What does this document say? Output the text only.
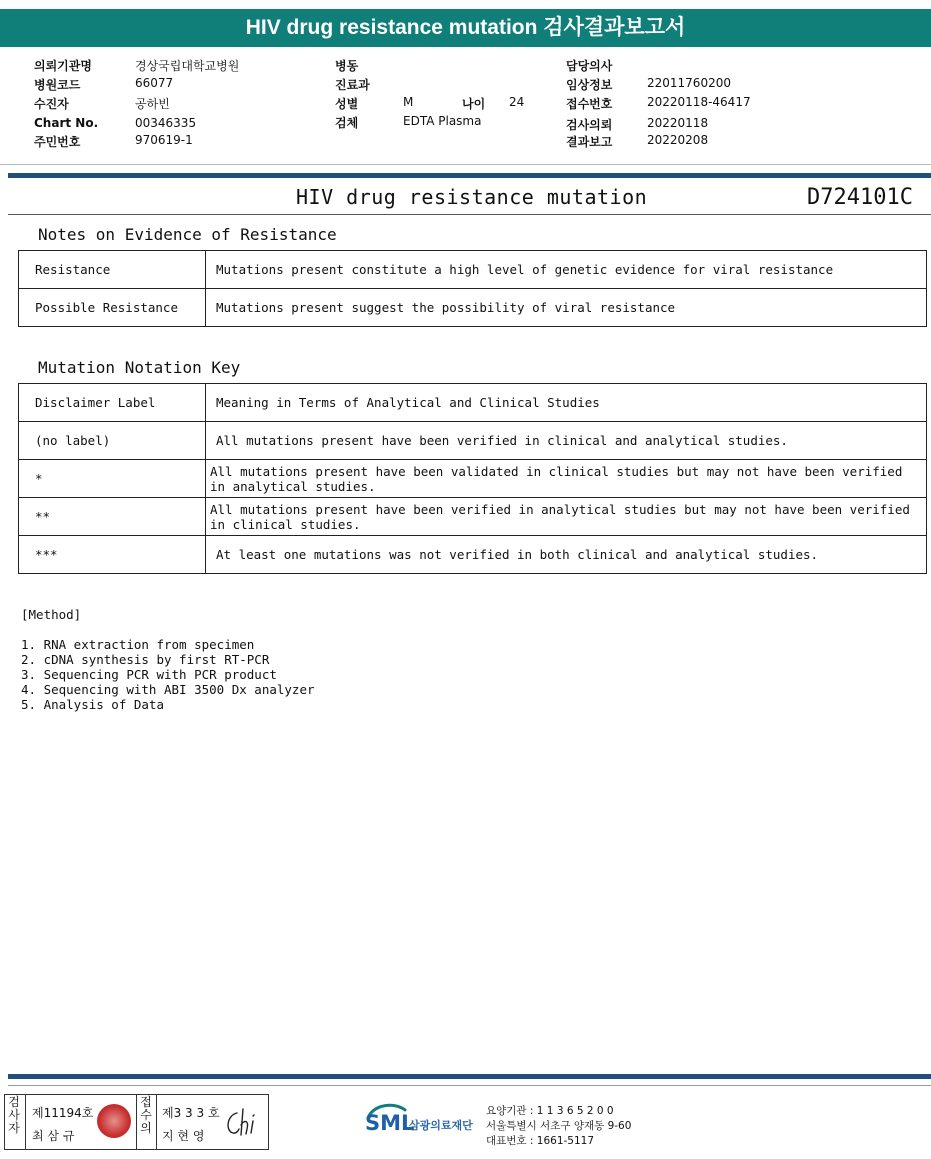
HIV drug resistance mutation 검사결과보고서
의뢰기관명	경상국립대학교병원
병원코드	66077
수진자	공하빈
Chart No.	00346335
주민번호	970619-1
병동
진료과
성별	M	나이 24
검체	EDTA Plasma
담당의사
임상정보	22011760200
접수번호	20220118-46417
검사의뢰	20220118
결과보고	20220208
HIV drug resistance mutation	D724101C
Notes on Evidence of Resistance
Resistance	Mutations present constitute a high level of genetic evidence for viral resistance
Possible Resistance	Mutations present suggest the possibility of viral resistance
Mutation Notation Key
Disclaimer Label	Meaning in Terms of Analytical and Clinical Studies
(no label)	All mutations present have been verified in clinical and analytical studies.
*	All mutations present have been validated in clinical studies but may not have been verified in analytical studies.
**	All mutations present have been verified in analytical studies but may not have been verified in clinical studies.
***	At least one mutations was not verified in both clinical and analytical studies.
[Method]
1. RNA extraction from specimen
2. cDNA synthesis by first RT-PCR
3. Sequencing PCR with PCR product
4. Sequencing with ABI 3500 Dx analyzer
5. Analysis of Data
검
사
자
제11194호
최 삼 규
접
수
의
제3 3 3 호
지 현 영
SML
삼광의료재단
요양기관 : 1 1 3 6 5 2 0 0
서울특별시 서초구 양재동 9-60
대표번호 : 1661-5117
